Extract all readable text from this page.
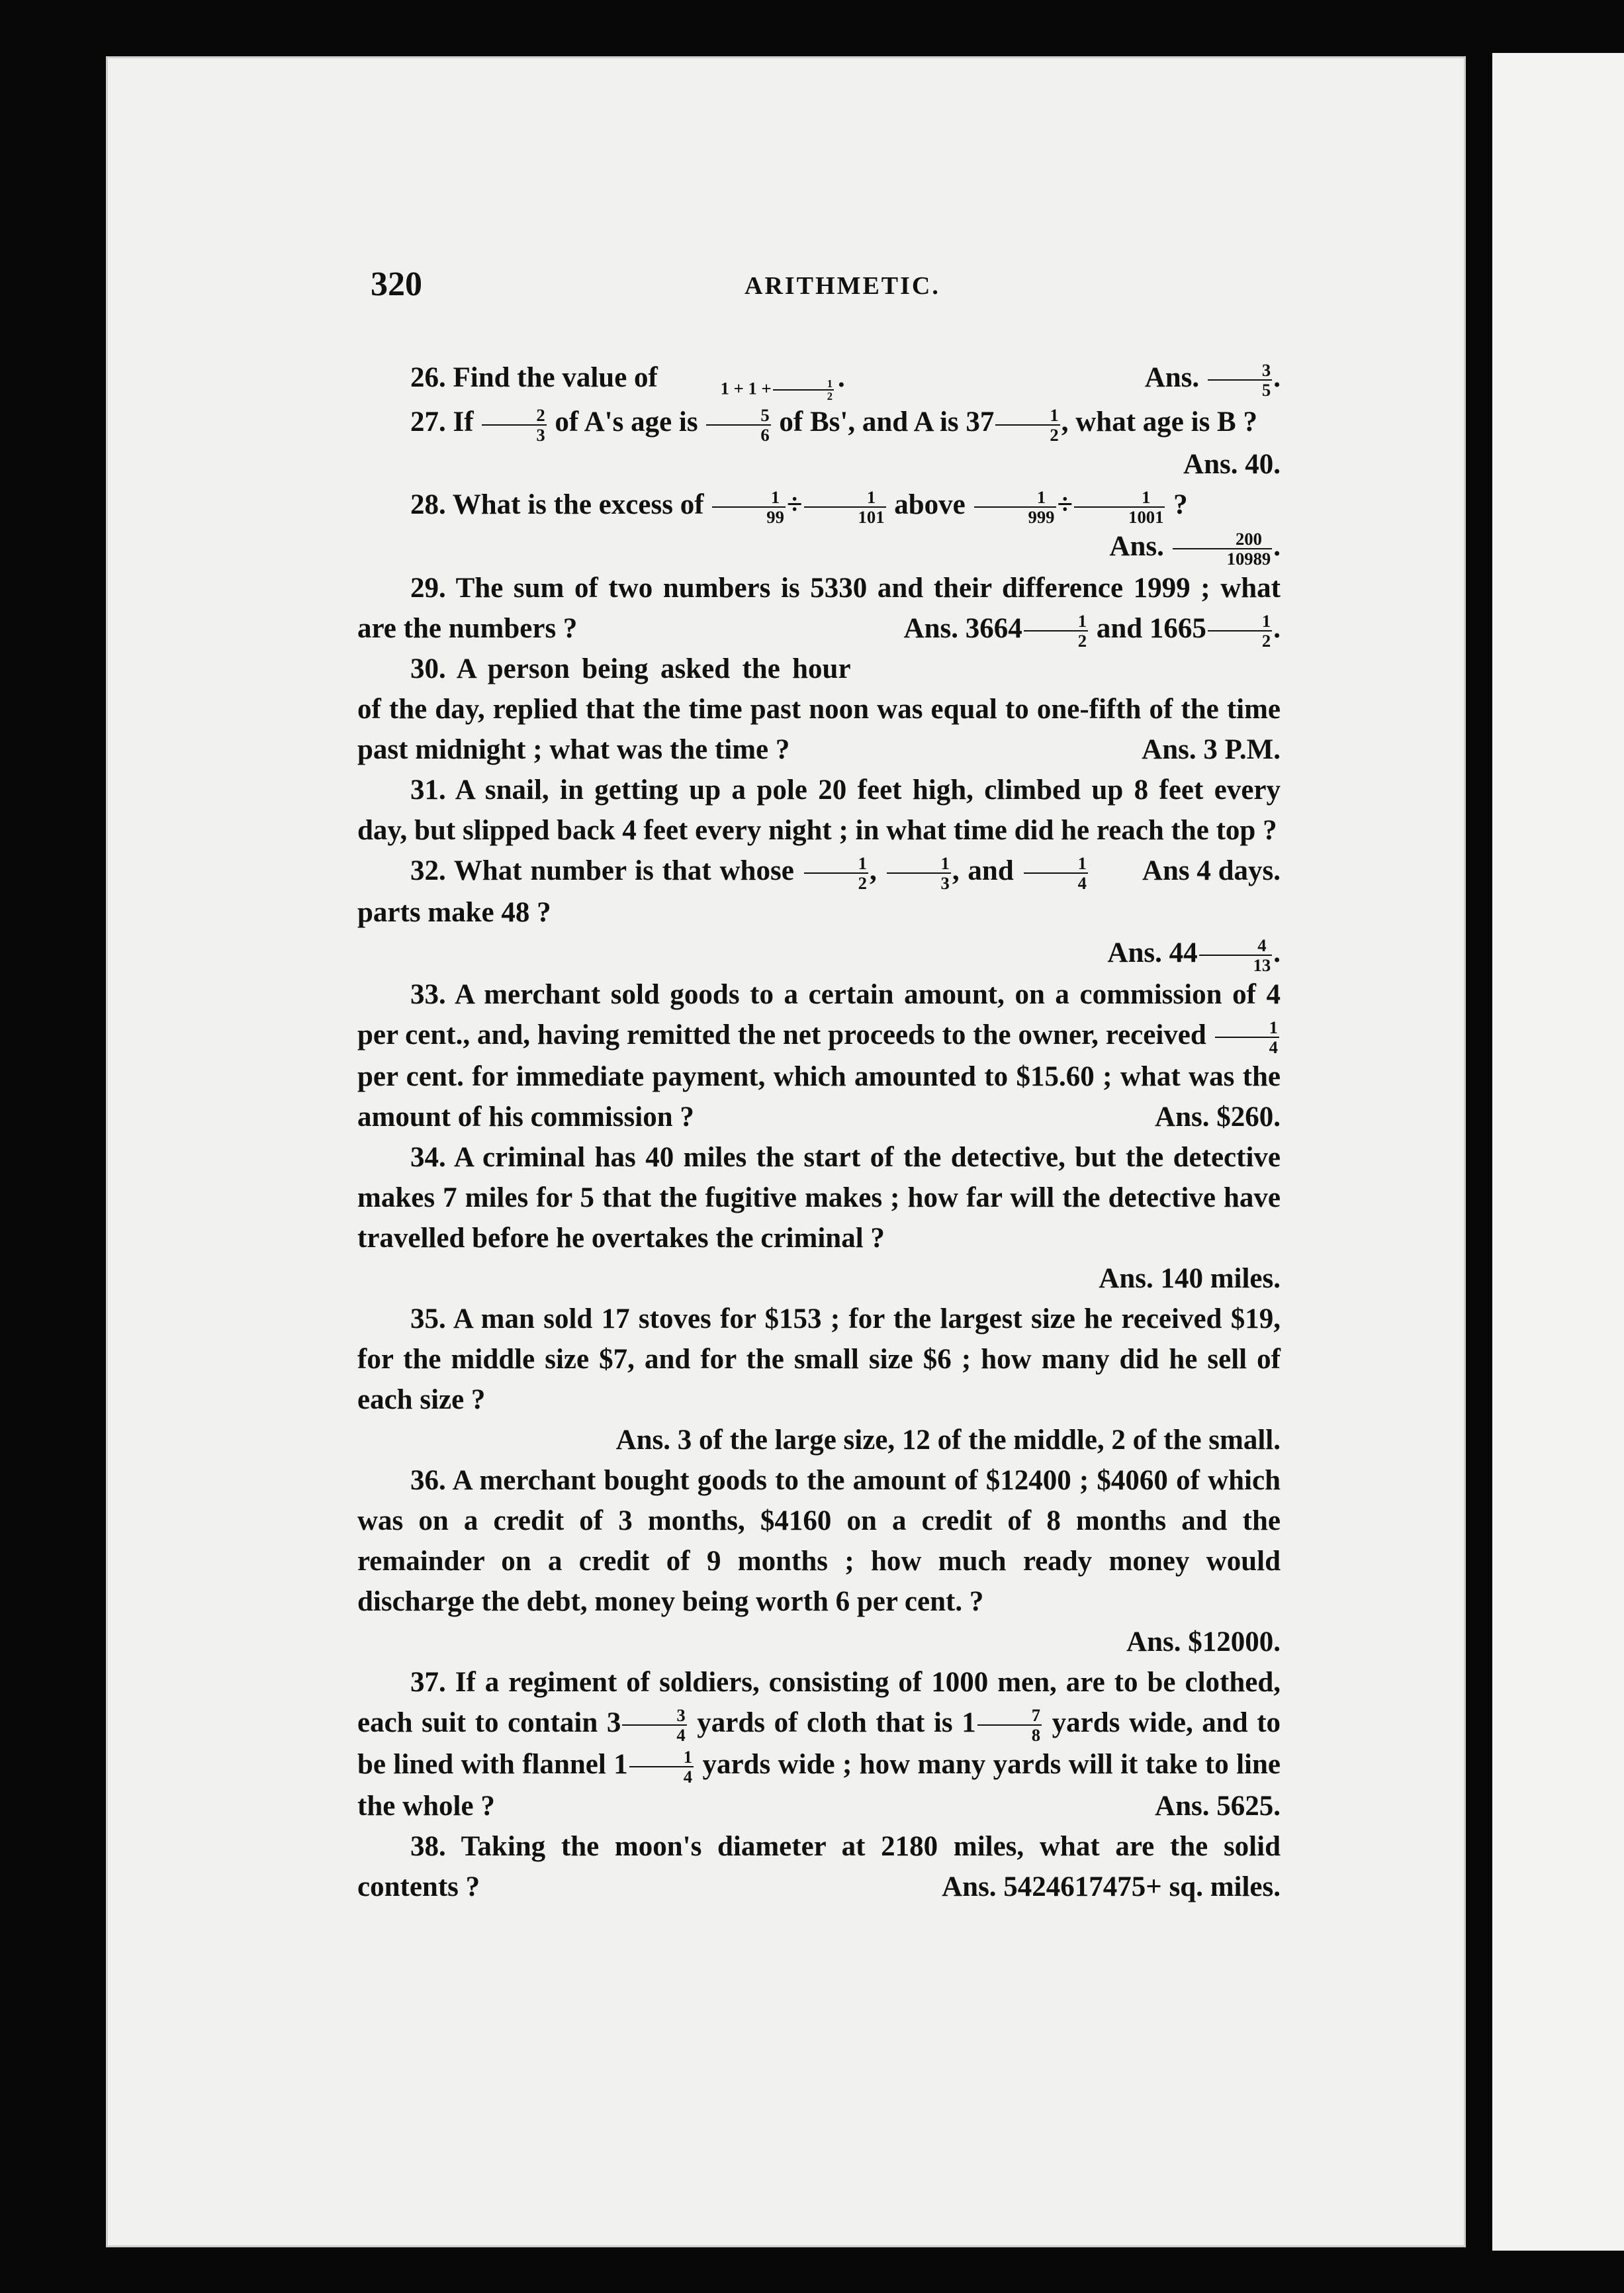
320	ARITHMETIC.

26. Find the value of	$1 + 1 + \frac{1}{2}$ .	Ans. $\frac{3}{5}$ .

27. If $\frac{2}{3}$ of A's age is $\frac{5}{6}$ of Bs', and A is $37 \frac{1}{2}$ , what age is B ?
Ans. 40.

28. What is the excess of $\frac{1}{99} \div \frac{1}{101}$ above $\frac{1}{999} \div \frac{1}{1001}$ ?
Ans. $\frac{200}{10989}$ .

29. The sum of two numbers is 5330 and their difference 1999 ; what are the numbers ?	Ans. $3664 \frac{1}{2}$ and $1665 \frac{1}{2}$ .

30. A person being asked the hour of the day, replied that the time past noon was equal to one-fifth of the time past midnight ; what was the time ?	Ans. 3 P.M.

31. A snail, in getting up a pole 20 feet high, climbed up 8 feet every day, but slipped back 4 feet every night ; in what time did he reach the top ?
Ans 4 days.

32. What number is that whose $\frac{1}{2}$ , $\frac{1}{3}$ , and $\frac{1}{4}$
parts make 48 ?
Ans. $44 \frac{4}{13}$ .

33. A merchant sold goods to a certain amount, on a commission of 4 per cent., and, having remitted the net proceeds to the owner, received $\frac{1}{4}$
per cent. for immediate payment, which amounted to $15.60 ; what was the amount of his commission ?	Ans. $260.

34. A criminal has 40 miles the start of the detective, but the detective makes 7 miles for 5 that the fugitive makes ; how far will the detective have travelled before he overtakes the criminal ?
Ans. 140 miles.

35. A man sold 17 stoves for $153 ; for the largest size he received $19, for the middle size $7, and for the small size $6 ; how many did he sell of each size ?
Ans. 3 of the large size, 12 of the middle, 2 of the small.

36. A merchant bought goods to the amount of $12400 ; $4060 of which was on a credit of 3 months, $4160 on a credit of 8 months and the remainder on a credit of 9 months ; how much ready money would discharge the debt, money being worth 6 per cent. ?
Ans. $12000.

37. If a regiment of soldiers, consisting of 1000 men, are to be clothed, each suit to contain $3 \frac{3}{4}$ yards of cloth that is $1 \frac{7}{8}$ yards wide, and to be lined with flannel $1 \frac{1}{4}$ yards wide ; how many yards will it take to line the whole ?	Ans. 5625.

38. Taking the moon's diameter at 2180 miles, what are the solid contents ?	Ans. 5424617475+ sq. miles.
